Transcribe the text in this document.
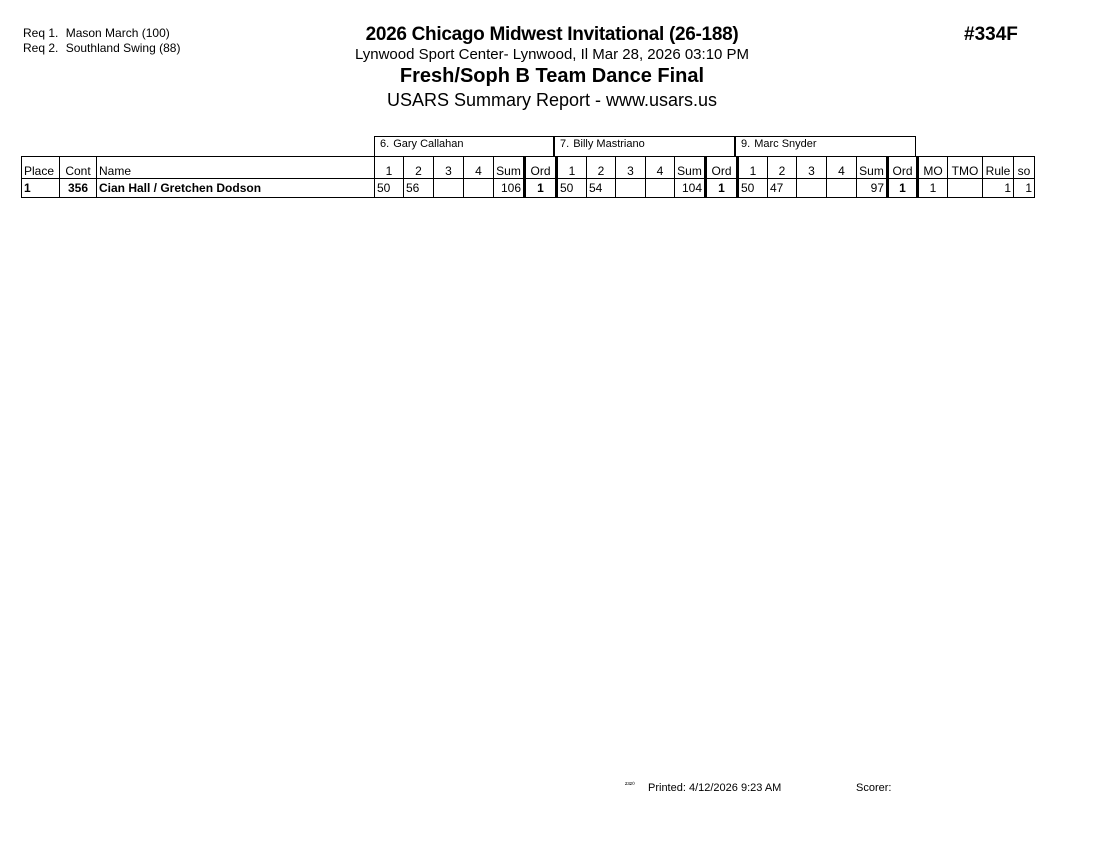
Req 1. Mason March (100)
Req 2. Southland Swing (88)
2026 Chicago Midwest Invitational (26-188)
Lynwood Sport Center- Lynwood, Il Mar 28, 2026 03:10 PM
Fresh/Soph B Team Dance Final
USARS Summary Report - www.usars.us
#334F
6. Gary Callahan	7. Billy Mastriano	9. Marc Snyder
Place	Cont	Name	1	2	3	4	Sum	Ord	1	2	3	4	Sum	Ord	1	2	3	4	Sum	Ord	MO	TMO	Rule	so
1	356	Cian Hall / Gretchen Dodson	50	56			106	1	50	54			104	1	50	47			97	1	1		1	1
²³²⁰ Printed: 4/12/2026 9:23 AM	Scorer:
